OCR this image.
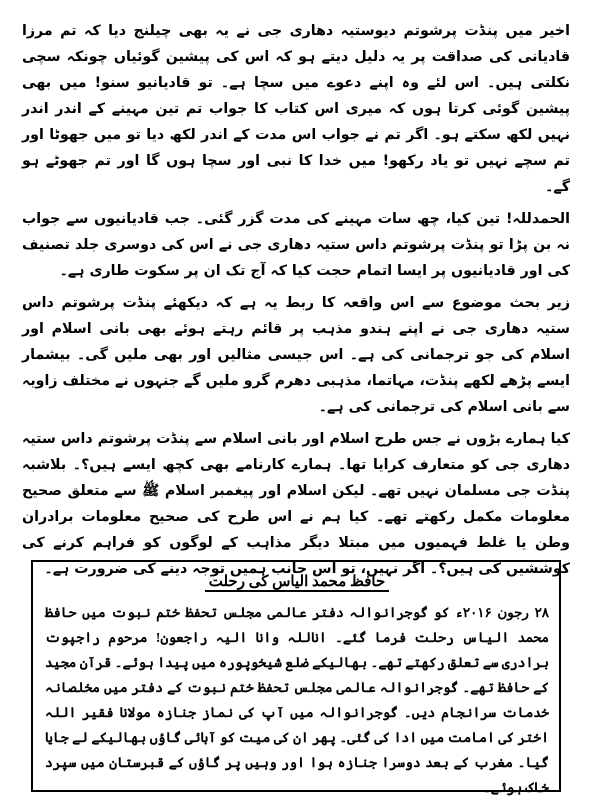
اخیر میں پنڈت پرشوتم دیوستیہ دھاری جی نے یہ بھی چیلنج دیا کہ تم مرزا قادیانی کی صداقت پر یہ دلیل دیتے ہو کہ اس کی پیشین گوئیاں چونکہ سچی نکلتی ہیں۔ اس لئے وہ اپنے دعوے میں سچا ہے۔ تو قادیانیو سنو! میں بھی پیشین گوئی کرتا ہوں کہ میری اس کتاب کا جواب تم تین مہینے کے اندر اندر نہیں لکھ سکتے ہو۔ اگر تم نے جواب اس مدت کے اندر لکھ دیا تو میں جھوٹا اور تم سچے نہیں تو یاد رکھو! میں خدا کا نبی اور سچا ہوں گا اور تم جھوٹے ہو گے۔

الحمدللہ! تین کیا، چھ سات مہینے کی مدت گزر گئی۔ جب قادیانیوں سے جواب نہ بن پڑا تو پنڈت پرشوتم داس ستیہ دھاری جی نے اس کی دوسری جلد تصنیف کی اور قادیانیوں پر ایسا اتمام حجت کیا کہ آج تک ان پر سکوت طاری ہے۔

زیر بحث موضوع سے اس واقعہ کا ربط یہ ہے کہ دیکھئے پنڈت پرشوتم داس ستیہ دھاری جی نے اپنے ہندو مذہب پر قائم رہتے ہوئے بھی بانی اسلام اور اسلام کی جو ترجمانی کی ہے۔ اس جیسی مثالیں اور بھی ملیں گی۔ بیشمار ایسے پڑھے لکھے پنڈت، مہاتما، مذہبی دھرم گرو ملیں گے جنہوں نے مختلف زاویہ سے بانی اسلام کی ترجمانی کی ہے۔

کیا ہمارے بڑوں نے جس طرح اسلام اور بانی اسلام سے پنڈت پرشوتم داس ستیہ دھاری جی کو متعارف کرایا تھا۔ ہمارے کارنامے بھی کچھ ایسے ہیں؟۔ بلاشبہ پنڈت جی مسلمان نہیں تھے۔ لیکن اسلام اور پیغمبر اسلام ﷺ سے متعلق صحیح معلومات مکمل رکھتے تھے۔ کیا ہم نے اس طرح کی صحیح معلومات برادران وطن یا غلط فہمیوں میں مبتلا دیگر مذاہب کے لوگوں کو فراہم کرنے کی کوششیں کی ہیں؟۔ اگر نہیں، تو اس جانب ہمیں توجہ دینے کی ضرورت ہے۔

حافظ محمد الیاس کی رحلت

۲۸ رجون ۲۰۱۶ء کو گوجرانوالہ دفتر عالمی مجلس تحفظ ختم نبوت میں حافظ محمد الیاس رحلت فرما گئے۔ اناللہ وانا الیہ راجعون! مرحوم راجپوت برادری سے تعلق رکھتے تھے۔ بھالیکے ضلع شیخوپورہ میں پیدا ہوئے۔ قرآن مجید کے حافظ تھے۔ گوجرانوالہ عالمی مجلس تحفظ ختم نبوت کے دفتر میں مخلصانہ خدمات سرانجام دیں۔ گوجرانوالہ میں آپ کی نماز جنازہ مولانا فقیر اللہ اختر کی امامت میں ادا کی گئی۔ پھر ان کی میت کو آبائی گاؤں بھالیکے لے جایا گیا۔ مغرب کے بعد دوسرا جنازہ ہوا اور وہیں پر گاؤں کے قبرستان میں سپرد خاک ہوئے۔
